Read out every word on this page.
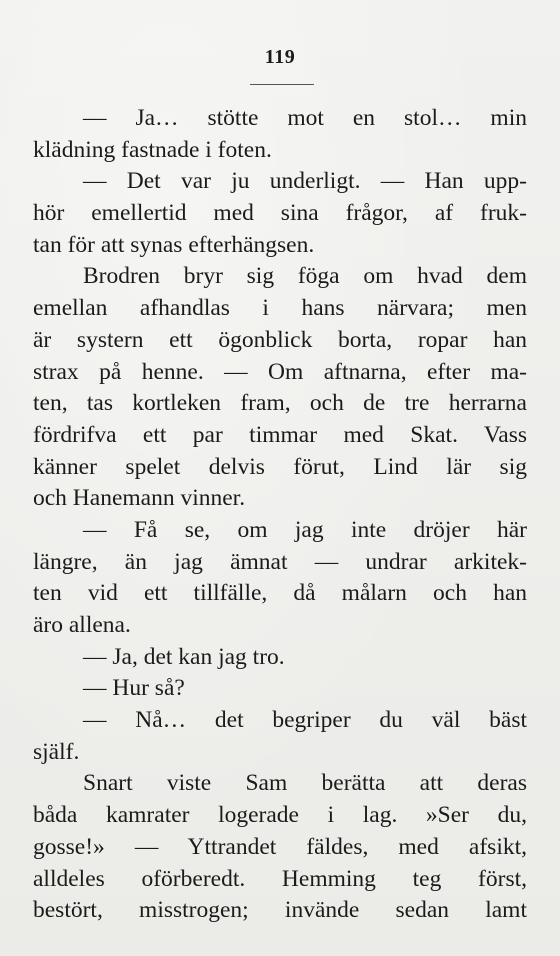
119
— Ja… stötte mot en stol… min
klädning fastnade i foten.
— Det var ju underligt. — Han upp-
hör emellertid med sina frågor, af fruk-
tan för att synas efterhängsen.
Brodren bryr sig föga om hvad dem
emellan afhandlas i hans närvara; men
är systern ett ögonblick borta, ropar han
strax på henne. — Om aftnarna, efter ma-
ten, tas kortleken fram, och de tre herrarna
fördrifva ett par timmar med Skat. Vass
känner spelet delvis förut, Lind lär sig
och Hanemann vinner.
— Få se, om jag inte dröjer här
längre, än jag ämnat — undrar arkitek-
ten vid ett tillfälle, då målarn och han
äro allena.
— Ja, det kan jag tro.
— Hur så?
— Nå… det begriper du väl bäst
själf.
Snart viste Sam berätta att deras
båda kamrater logerade i lag. »Ser du,
gosse!» — Yttrandet fäldes, med afsikt,
alldeles oförberedt. Hemming teg först,
bestört, misstrogen; invände sedan lamt
